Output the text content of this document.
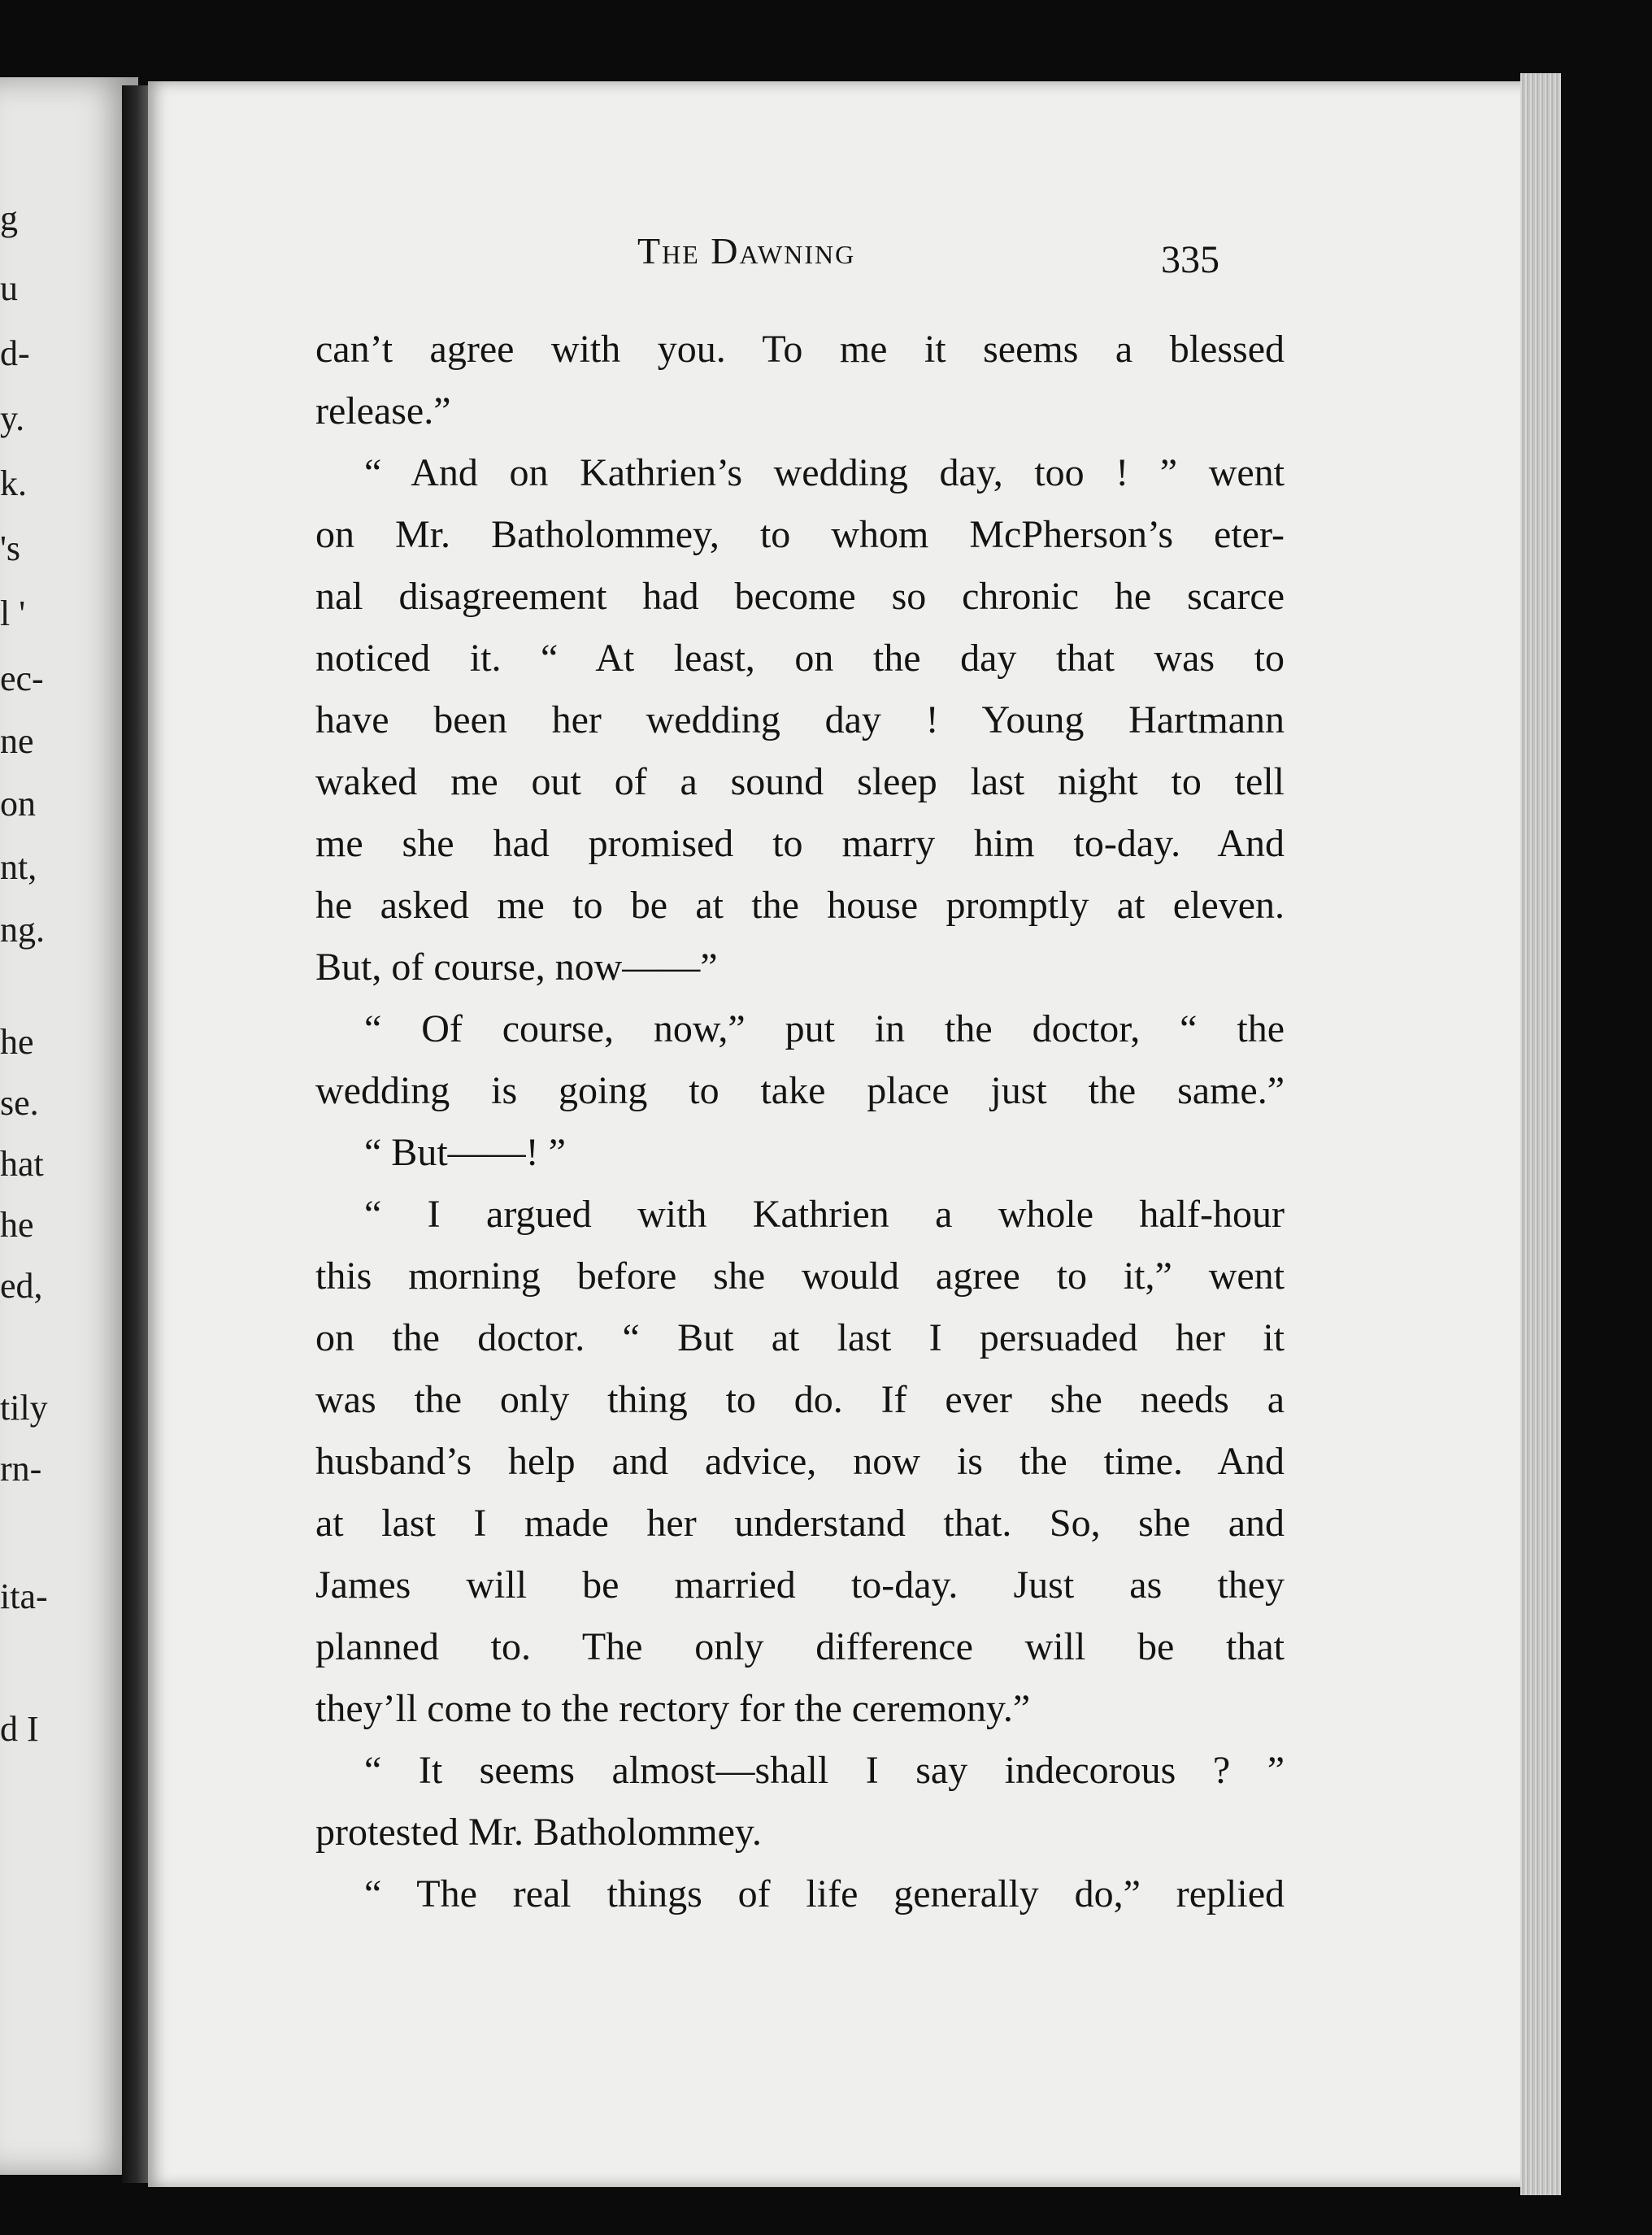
g
u
d-
y.
k.
's
l '
ec-
ne
on
nt,
ng.
he
se.
hat
he
ed,
tily
rn-
ita-
d I
The Dawning	335
can’t agree with you. To me it seems a blessed
release.”
“ And on Kathrien’s wedding day, too ! ” went
on Mr. Batholommey, to whom McPherson’s eter-
nal disagreement had become so chronic he scarce
noticed it. “ At least, on the day that was to
have been her wedding day ! Young Hartmann
waked me out of a sound sleep last night to tell
me she had promised to marry him to-day. And
he asked me to be at the house promptly at eleven.
But, of course, now——”
“ Of course, now,” put in the doctor, “ the
wedding is going to take place just the same.”
“ But——! ”
“ I argued with Kathrien a whole half-hour
this morning before she would agree to it,” went
on the doctor. “ But at last I persuaded her it
was the only thing to do. If ever she needs a
husband’s help and advice, now is the time. And
at last I made her understand that. So, she and
James will be married to-day. Just as they
planned to. The only difference will be that
they’ll come to the rectory for the ceremony.”
“ It seems almost—shall I say indecorous ? ”
protested Mr. Batholommey.
“ The real things of life generally do,” replied
